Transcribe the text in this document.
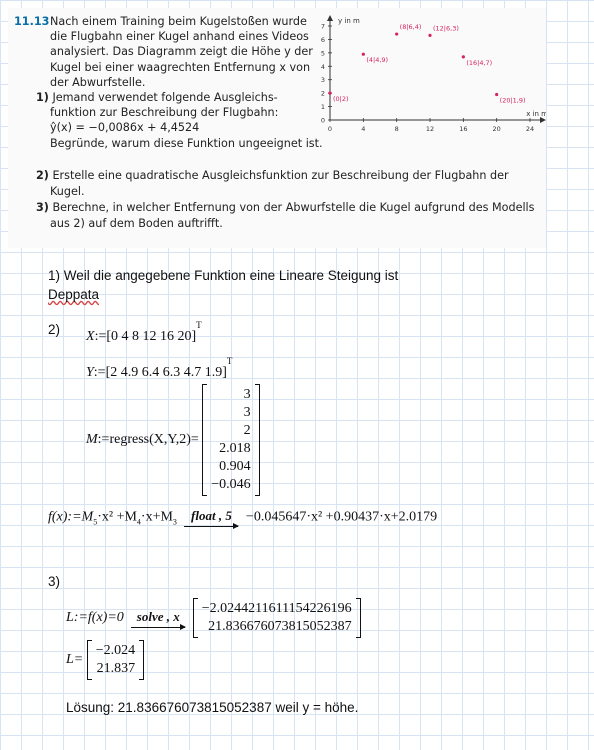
11.13Nach einem Training beim Kugelstoßen wurde
die Flugbahn einer Kugel anhand eines Videos
analysiert. Das Diagramm zeigt die Höhe y der
Kugel bei einer waagrechten Entfernung x von
der Abwurfstelle.
1) Jemand verwendet folgende Ausgleichs-
funktion zur Beschreibung der Flugbahn:
ŷ(x) = −0,0086x + 4,4524
Begründe, warum diese Funktion ungeeignet ist.
2) Erstelle eine quadratische Ausgleichsfunktion zur Beschreibung der Flugbahn der
Kugel.
3) Berechne, in welcher Entfernung von der Abwurfstelle die Kugel aufgrund des Modells
aus 2) auf dem Boden auftrifft.
0	4	8	12	16	20	24
0
1
2
3
4
5
6
7
y in m
x in m
(0|2)
(4|4,9)
(8|6,4) (12|6,3)
(16|4,7)
(20|1,9)
1) Weil die angegebene Funktion eine Lineare Steigung ist
Deppata
2) X:=[0 4 8 12 16 20]$^T$
Y:=[2 4.9 6.4 6.3 4.7 1.9]$^T$
M:=regress(X,Y,2)=
3
3
2
2.018
0.904
−0.046
$f(x):=M_5\cdot x^2 +M_4\cdot x+M_3$ float , 5 −0.045647·x² +0.90437·x+2.0179
3)
L:=f(x)=0 solve , x
−2.0244211611154226196
21.836676073815052387
L=
−2.024
21.837
Lösung: 21.836676073815052387 weil y = höhe.
